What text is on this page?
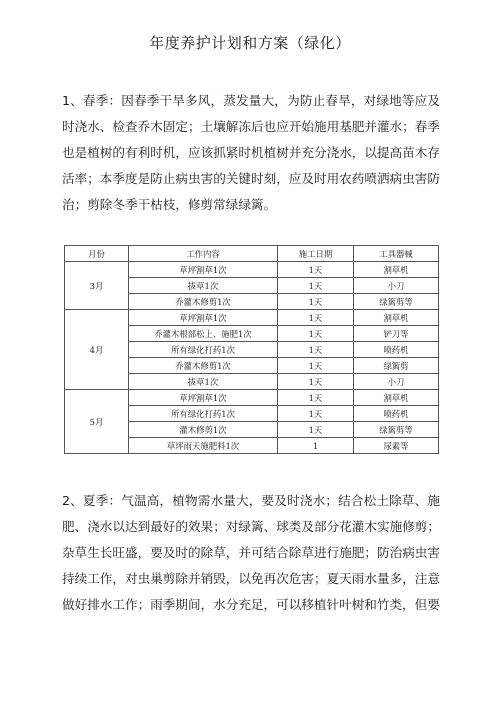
年度养护计划和方案（绿化）

1、春季：因春季干旱多风，蒸发量大，为防止春旱，对绿地等应及时浇水、检查乔木固定；土壤解冻后也应开始施用基肥并灌水；春季也是植树的有利时机，应该抓紧时机植树并充分浇水，以提高苗木存活率；本季度是防止病虫害的关键时刻，应及时用农药喷洒病虫害防治；剪除冬季干枯枝，修剪常绿绿篱。

月份	工作内容	施工日期	工具器械
3月	草坪割草1次	1天	割草机
	拔草1次	1天	小刀
	乔灌木修剪1次	1天	绿篱剪等
4月	草坪割草1次	1天	割草机
	乔灌木根部松上、施肥1次	1天	铲刀等
	所有绿化打药1次	1天	喷药机
	乔灌木修剪1次	1天	绿篱剪
	拔草1次	1天	小刀
5月	草坪割草1次	1天	割草机
	所有绿化打药1次	1天	喷药机
	灌木修剪1次	1天	绿篱剪等
	草坪雨天施肥料1次	1	尿素等

2、夏季：气温高，植物需水量大，要及时浇水；结合松土除草、施肥、浇水以达到最好的效果；对绿篱、球类及部分花灌木实施修剪；杂草生长旺盛，要及时的除草，并可结合除草进行施肥；防治病虫害持续工作，对虫巢剪除并销毁，以免再次危害；夏天雨水量多，注意做好排水工作；雨季期间，水分充足，可以移植针叶树和竹类，但要
